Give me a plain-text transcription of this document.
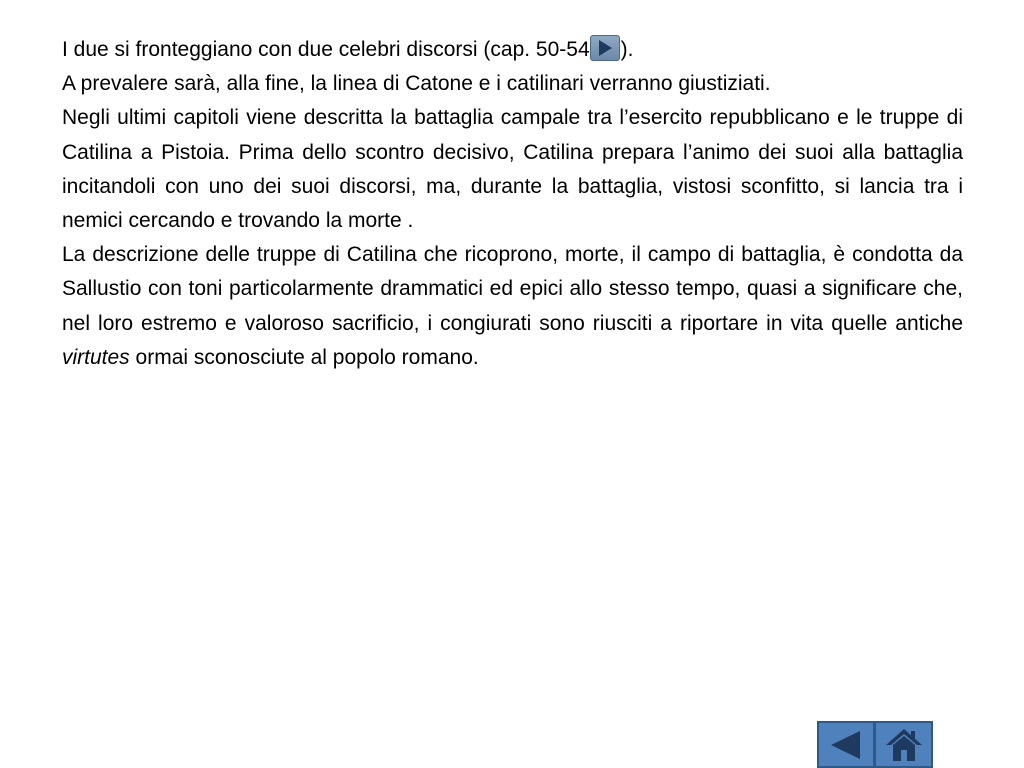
I due si fronteggiano con due celebri discorsi (cap. 50-54 ).

A prevalere sarà, alla fine, la linea di Catone e i catilinari verranno giustiziati.

Negli ultimi capitoli viene descritta la battaglia campale tra l’esercito repubblicano e le truppe di Catilina a Pistoia. Prima dello scontro decisivo, Catilina prepara l’animo dei suoi alla battaglia incitandoli con uno dei suoi discorsi, ma, durante la battaglia, vistosi sconfitto, si lancia tra i nemici cercando e trovando la morte .

La descrizione delle truppe di Catilina che ricoprono, morte, il campo di battaglia, è condotta da Sallustio con toni particolarmente drammatici ed epici allo stesso tempo, quasi a significare che, nel loro estremo e valoroso sacrificio, i congiurati sono riusciti a riportare in vita quelle antiche virtutes ormai sconosciute al popolo romano.
